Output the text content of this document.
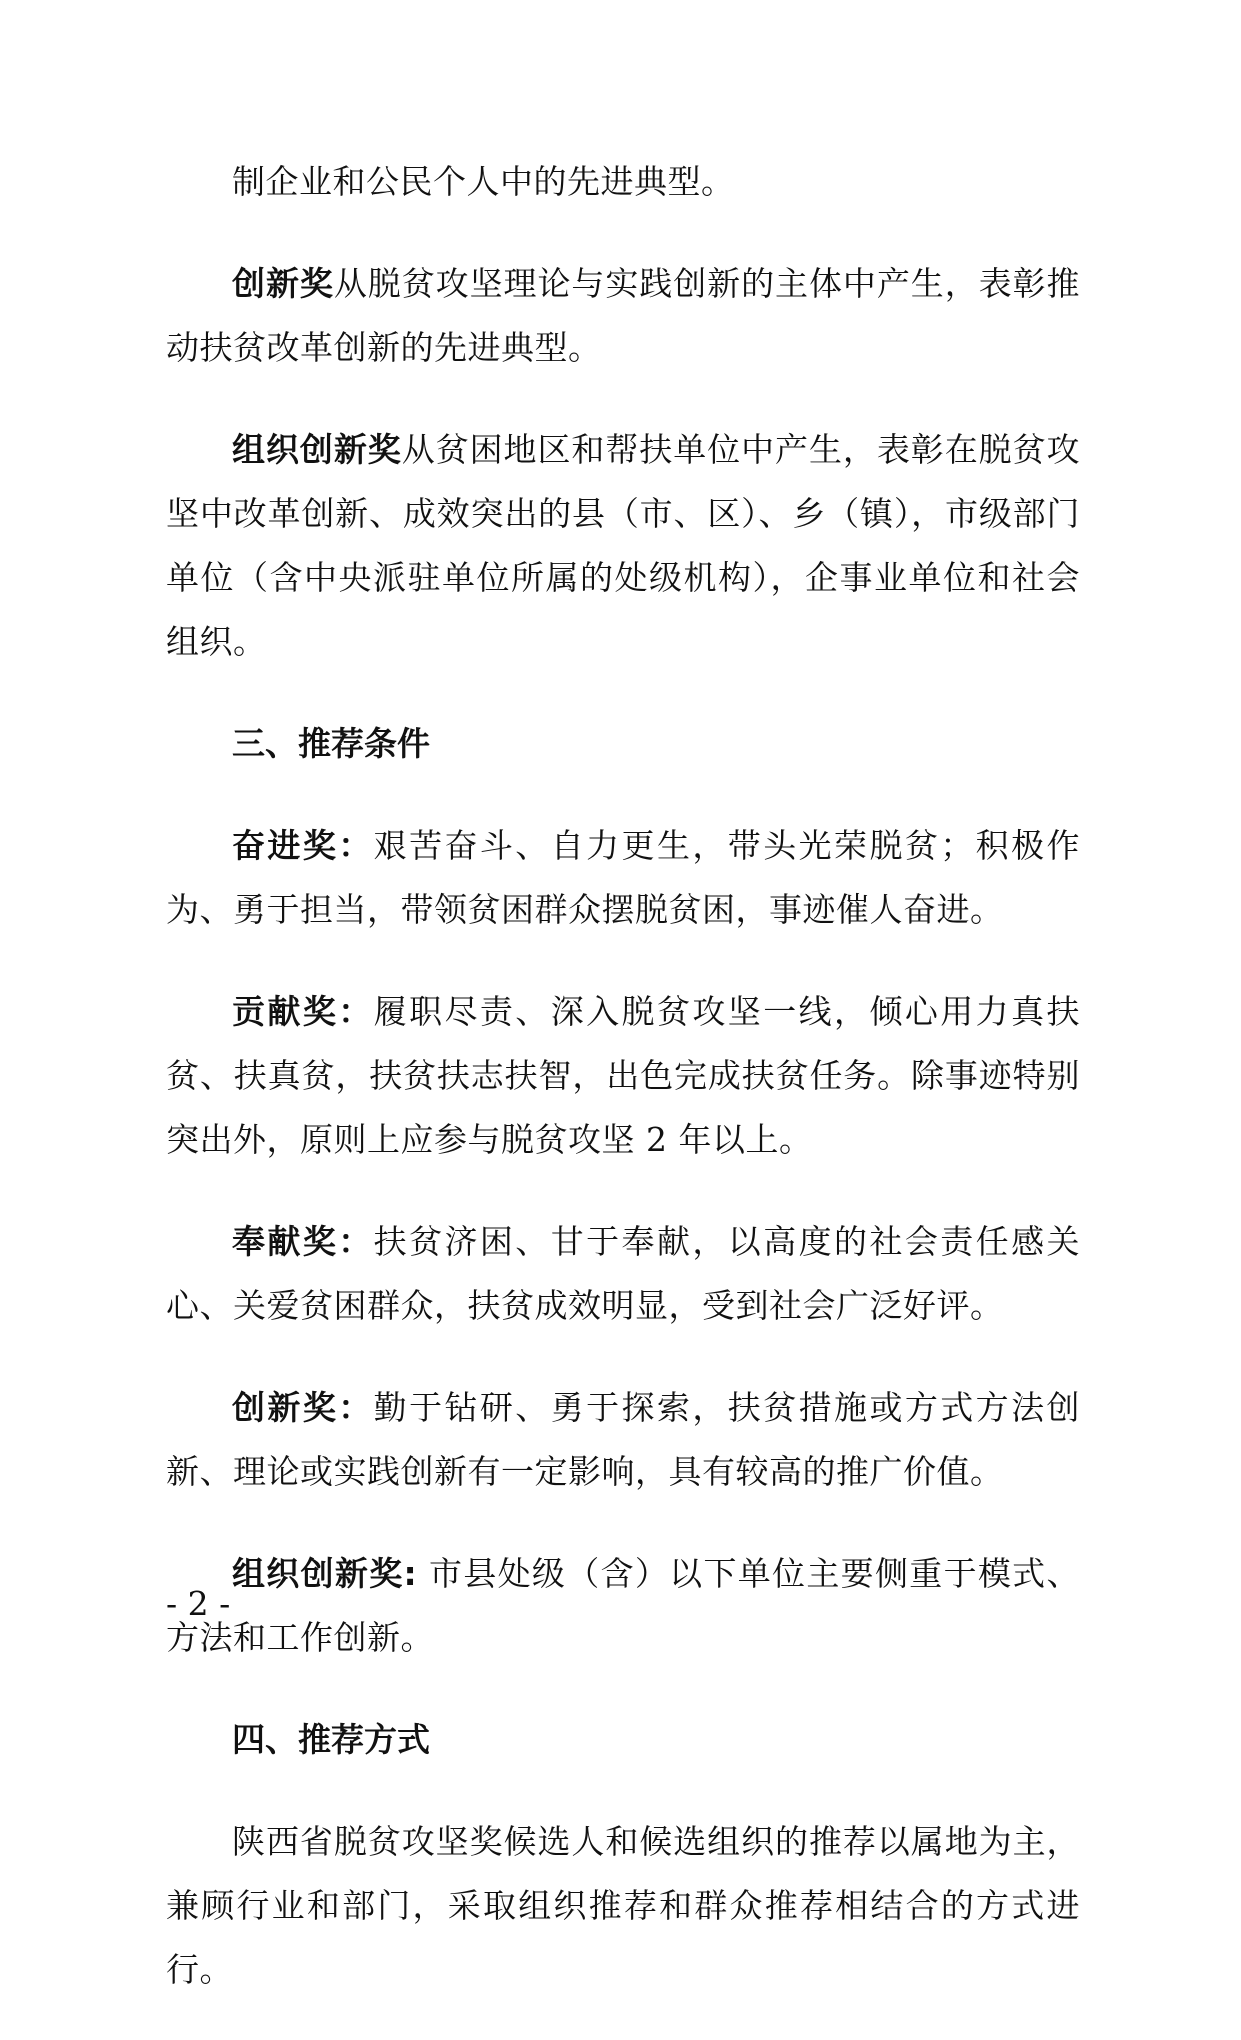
制企业和公民个人中的先进典型。

创新奖从脱贫攻坚理论与实践创新的主体中产生，表彰推动扶贫改革创新的先进典型。

组织创新奖从贫困地区和帮扶单位中产生，表彰在脱贫攻坚中改革创新、成效突出的县（市、区）、乡（镇），市级部门单位（含中央派驻单位所属的处级机构），企事业单位和社会组织。

三、推荐条件

奋进奖：艰苦奋斗、自力更生，带头光荣脱贫；积极作为、勇于担当，带领贫困群众摆脱贫困，事迹催人奋进。

贡献奖：履职尽责、深入脱贫攻坚一线，倾心用力真扶贫、扶真贫，扶贫扶志扶智，出色完成扶贫任务。除事迹特别突出外，原则上应参与脱贫攻坚 2 年以上。

奉献奖：扶贫济困、甘于奉献，以高度的社会责任感关心、关爱贫困群众，扶贫成效明显，受到社会广泛好评。

创新奖：勤于钻研、勇于探索，扶贫措施或方式方法创新、理论或实践创新有一定影响，具有较高的推广价值。

组织创新奖: 市县处级（含）以下单位主要侧重于模式、方法和工作创新。

四、推荐方式

陕西省脱贫攻坚奖候选人和候选组织的推荐以属地为主，兼顾行业和部门，采取组织推荐和群众推荐相结合的方式进行。

- 2 -
